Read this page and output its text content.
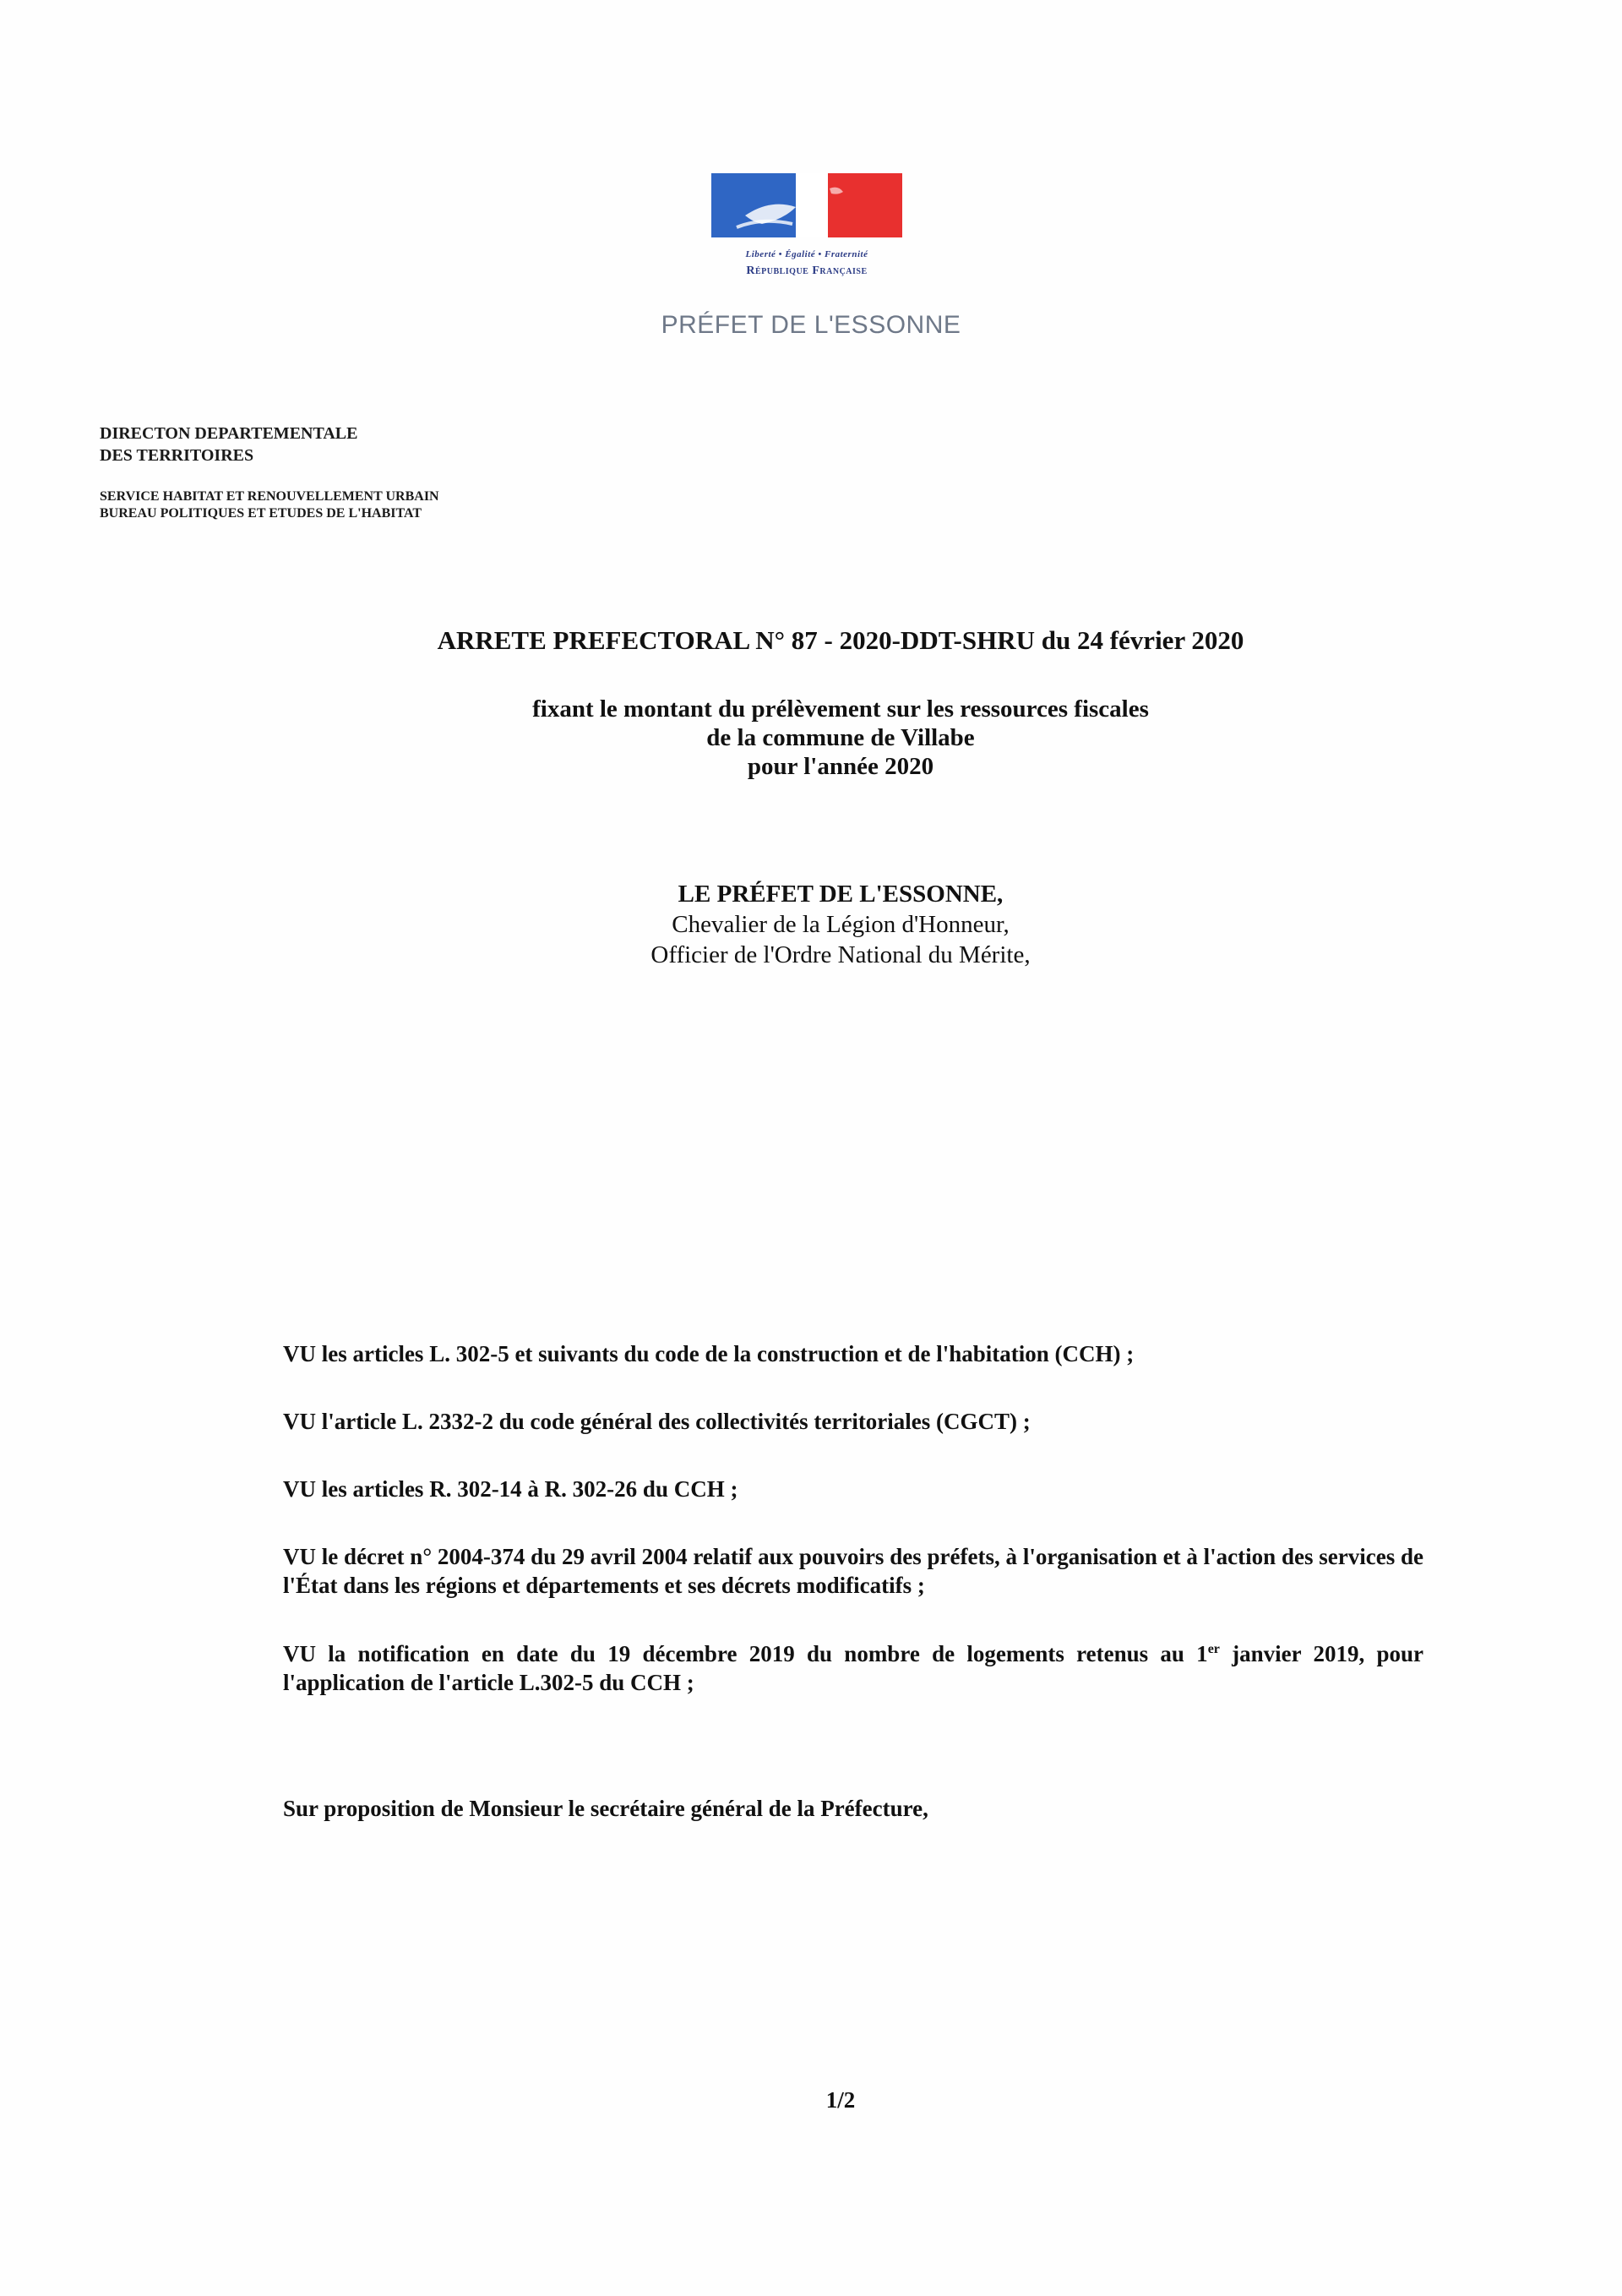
Liberté • Égalité • Fraternité
République Française
PRÉFET DE L'ESSONNE
DIRECTON DEPARTEMENTALE
DES TERRITOIRES
SERVICE HABITAT ET RENOUVELLEMENT URBAIN
BUREAU POLITIQUES ET ETUDES DE L'HABITAT
ARRETE PREFECTORAL N° 87 - 2020-DDT-SHRU du 24 février 2020
fixant le montant du prélèvement sur les ressources fiscales
de la commune de Villabe
pour l'année 2020
LE PRÉFET DE L'ESSONNE,
Chevalier de la Légion d'Honneur,
Officier de l'Ordre National du Mérite,

VU les articles L. 302-5 et suivants du code de la construction et de l'habitation (CCH) ;

VU l'article L. 2332-2 du code général des collectivités territoriales (CGCT) ;

VU les articles R. 302-14 à R. 302-26 du CCH ;

VU le décret n° 2004-374 du 29 avril 2004 relatif aux pouvoirs des préfets, à l'organisation et à l'action des services de l'État dans les régions et départements et ses décrets modificatifs ;

VU la notification en date du 19 décembre 2019 du nombre de logements retenus au 1er janvier 2019, pour l'application de l'article L.302-5 du CCH ;

Sur proposition de Monsieur le secrétaire général de la Préfecture,
1/2
